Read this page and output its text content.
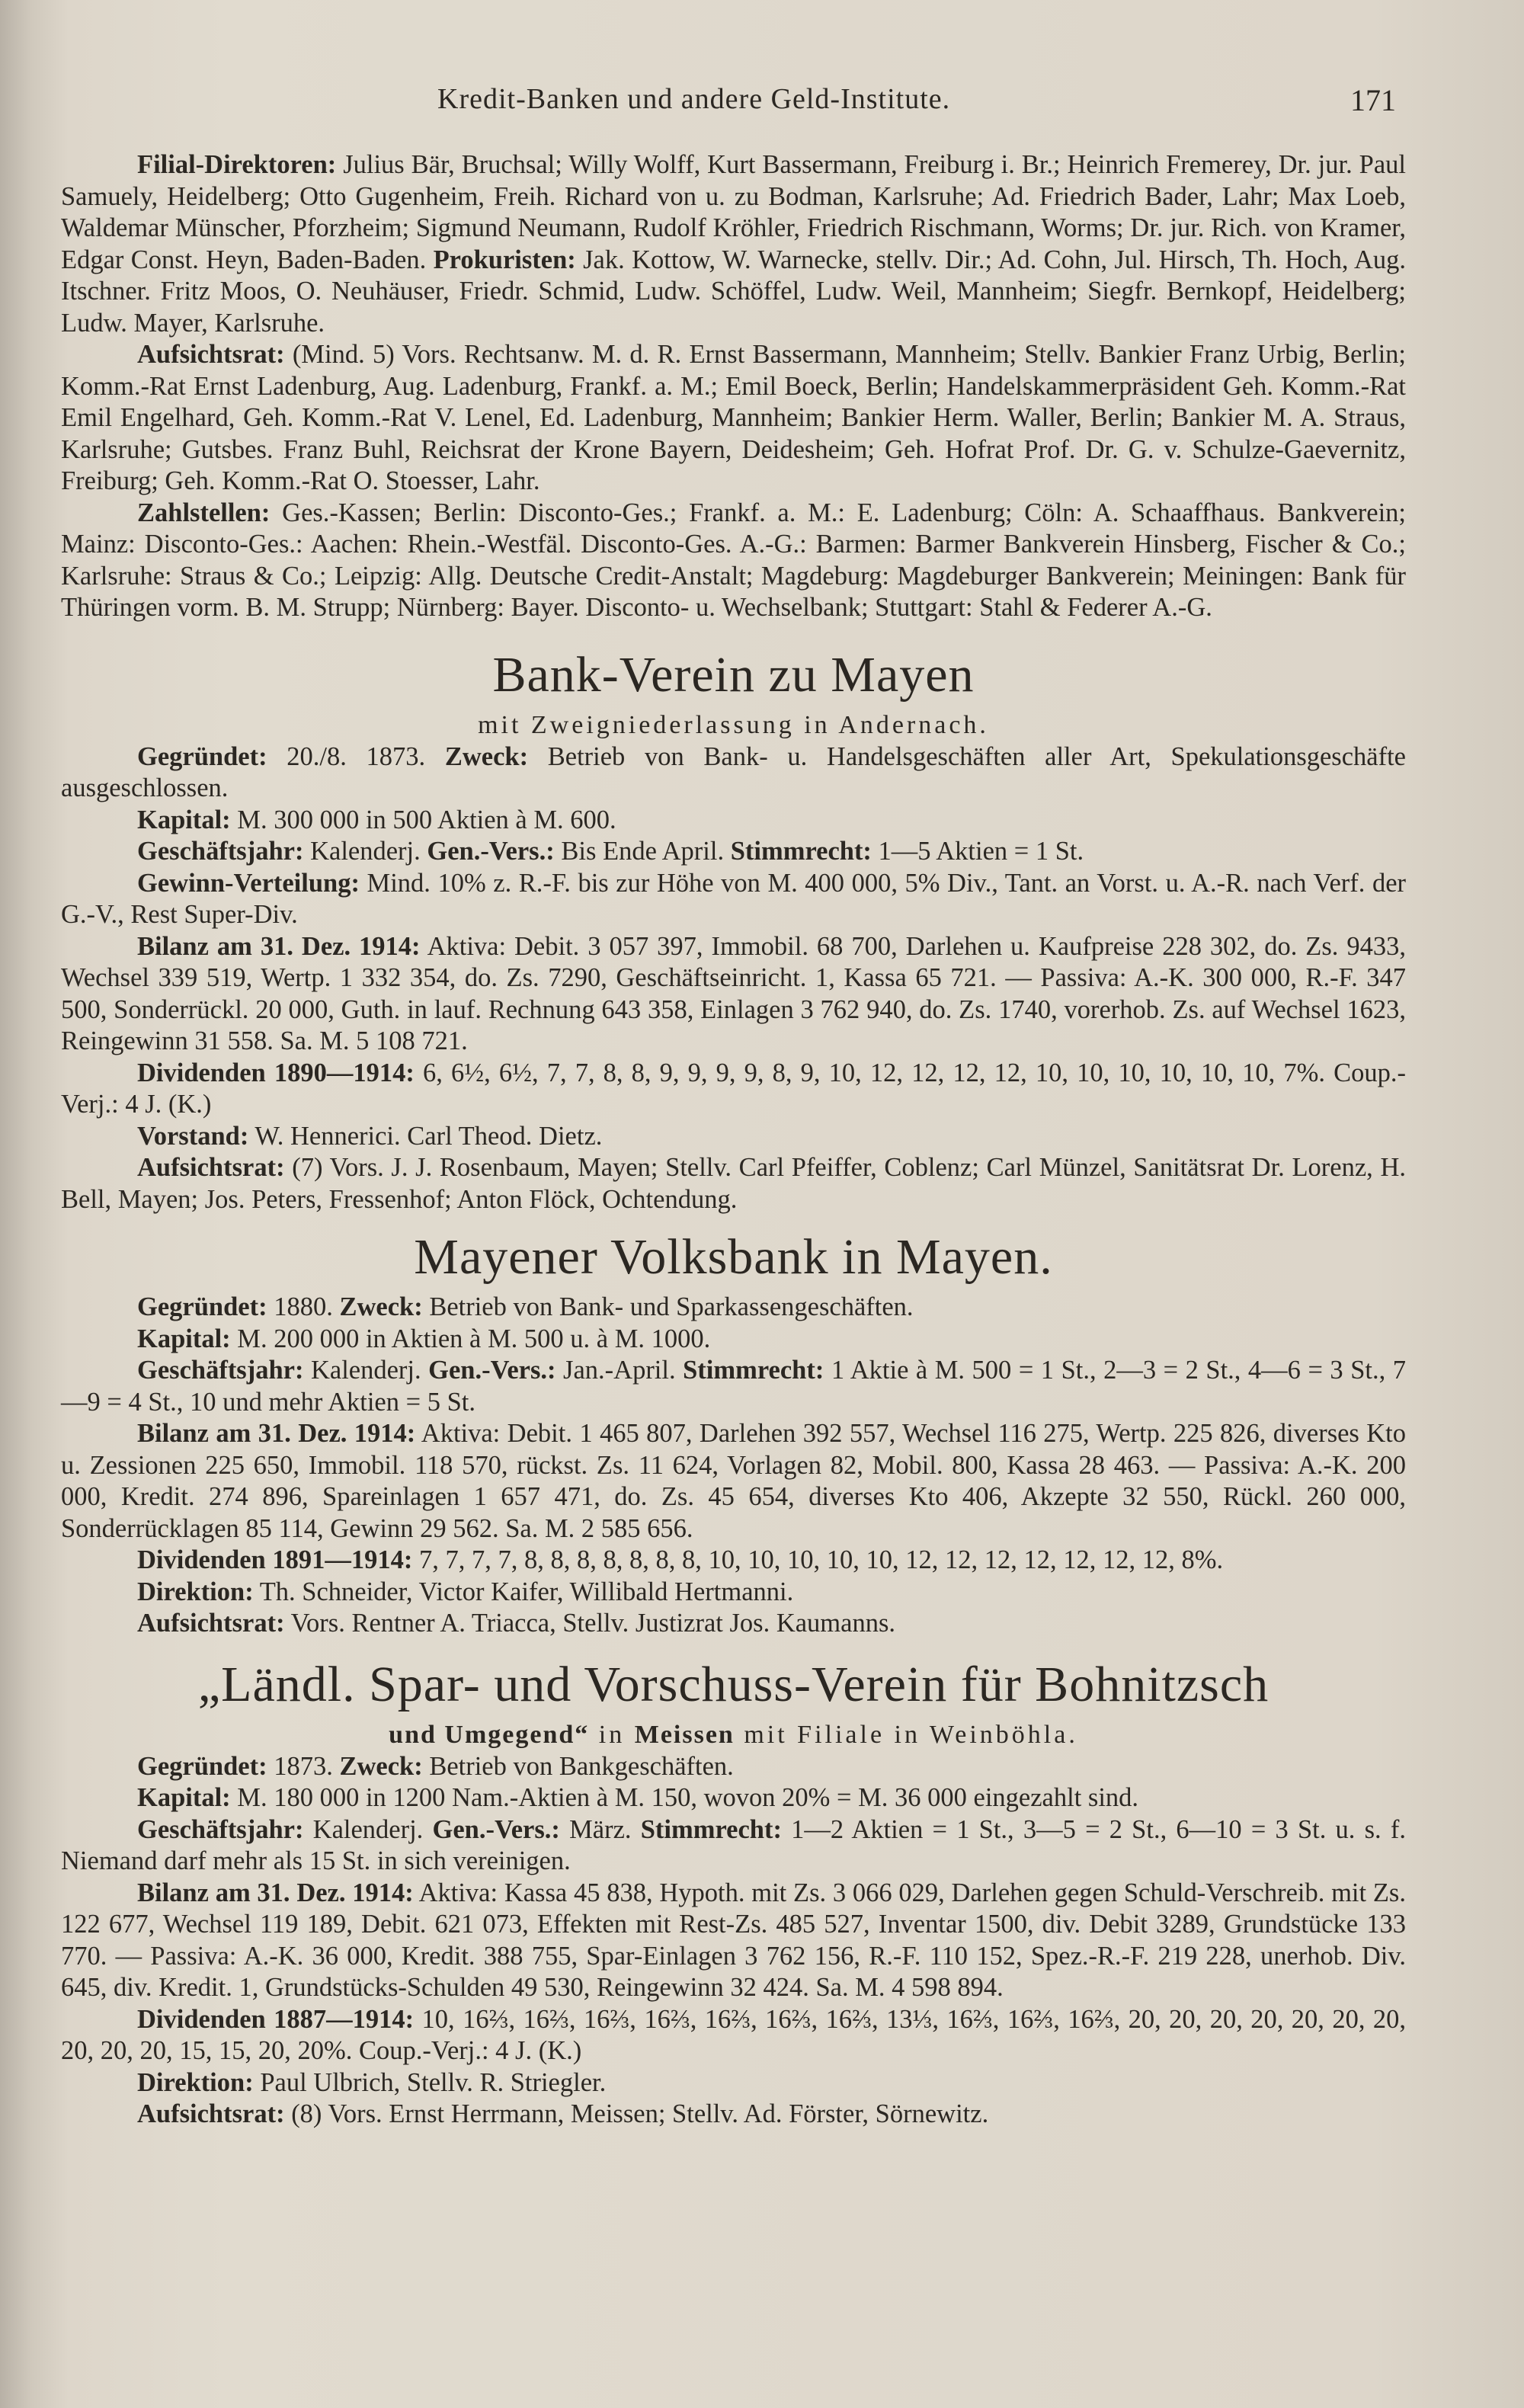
Kredit-Banken und andere Geld-Institute.	171

Filial-Direktoren: Julius Bär, Bruchsal; Willy Wolff, Kurt Bassermann, Freiburg i. Br.; Heinrich Fremerey, Dr. jur. Paul Samuely, Heidelberg; Otto Gugenheim, Freih. Richard von u. zu Bodman, Karlsruhe; Ad. Friedrich Bader, Lahr; Max Loeb, Waldemar Münscher, Pforzheim; Sigmund Neumann, Rudolf Kröhler, Friedrich Rischmann, Worms; Dr. jur. Rich. von Kramer, Edgar Const. Heyn, Baden-Baden. Prokuristen: Jak. Kottow, W. Warnecke, stellv. Dir.; Ad. Cohn, Jul. Hirsch, Th. Hoch, Aug. Itschner. Fritz Moos, O. Neuhäuser, Friedr. Schmid, Ludw. Schöffel, Ludw. Weil, Mannheim; Siegfr. Bernkopf, Heidelberg; Ludw. Mayer, Karlsruhe.

Aufsichtsrat: (Mind. 5) Vors. Rechtsanw. M. d. R. Ernst Bassermann, Mannheim; Stellv. Bankier Franz Urbig, Berlin; Komm.-Rat Ernst Ladenburg, Aug. Ladenburg, Frankf. a. M.; Emil Boeck, Berlin; Handelskammerpräsident Geh. Komm.-Rat Emil Engelhard, Geh. Komm.-Rat V. Lenel, Ed. Ladenburg, Mannheim; Bankier Herm. Waller, Berlin; Bankier M. A. Straus, Karlsruhe; Gutsbes. Franz Buhl, Reichsrat der Krone Bayern, Deidesheim; Geh. Hofrat Prof. Dr. G. v. Schulze-Gaevernitz, Freiburg; Geh. Komm.-Rat O. Stoesser, Lahr.

Zahlstellen: Ges.-Kassen; Berlin: Disconto-Ges.; Frankf. a. M.: E. Ladenburg; Cöln: A. Schaaffhaus. Bankverein; Mainz: Disconto-Ges.: Aachen: Rhein.-Westfäl. Disconto-Ges. A.-G.: Barmen: Barmer Bankverein Hinsberg, Fischer & Co.; Karlsruhe: Straus & Co.; Leipzig: Allg. Deutsche Credit-Anstalt; Magdeburg: Magdeburger Bankverein; Meiningen: Bank für Thüringen vorm. B. M. Strupp; Nürnberg: Bayer. Disconto- u. Wechselbank; Stuttgart: Stahl & Federer A.-G.

Bank-Verein zu Mayen
mit Zweigniederlassung in Andernach.

Gegründet: 20./8. 1873. Zweck: Betrieb von Bank- u. Handelsgeschäften aller Art, Spekulationsgeschäfte ausgeschlossen.

Kapital: M. 300 000 in 500 Aktien à M. 600.

Geschäftsjahr: Kalenderj. Gen.-Vers.: Bis Ende April. Stimmrecht: 1—5 Aktien = 1 St.

Gewinn-Verteilung: Mind. 10% z. R.-F. bis zur Höhe von M. 400 000, 5% Div., Tant. an Vorst. u. A.-R. nach Verf. der G.-V., Rest Super-Div.

Bilanz am 31. Dez. 1914: Aktiva: Debit. 3 057 397, Immobil. 68 700, Darlehen u. Kaufpreise 228 302, do. Zs. 9433, Wechsel 339 519, Wertp. 1 332 354, do. Zs. 7290, Geschäftseinricht. 1, Kassa 65 721. — Passiva: A.-K. 300 000, R.-F. 347 500, Sonderrückl. 20 000, Guth. in lauf. Rechnung 643 358, Einlagen 3 762 940, do. Zs. 1740, vorerhob. Zs. auf Wechsel 1623, Reingewinn 31 558. Sa. M. 5 108 721.

Dividenden 1890—1914: 6, 6½, 6½, 7, 7, 8, 8, 9, 9, 9, 9, 8, 9, 10, 12, 12, 12, 12, 10, 10, 10, 10, 10, 10, 7%. Coup.-Verj.: 4 J. (K.)

Vorstand: W. Hennerici. Carl Theod. Dietz.

Aufsichtsrat: (7) Vors. J. J. Rosenbaum, Mayen; Stellv. Carl Pfeiffer, Coblenz; Carl Münzel, Sanitätsrat Dr. Lorenz, H. Bell, Mayen; Jos. Peters, Fressenhof; Anton Flöck, Ochtendung.

Mayener Volksbank in Mayen.

Gegründet: 1880. Zweck: Betrieb von Bank- und Sparkassengeschäften.

Kapital: M. 200 000 in Aktien à M. 500 u. à M. 1000.

Geschäftsjahr: Kalenderj. Gen.-Vers.: Jan.-April. Stimmrecht: 1 Aktie à M. 500 = 1 St., 2—3 = 2 St., 4—6 = 3 St., 7—9 = 4 St., 10 und mehr Aktien = 5 St.

Bilanz am 31. Dez. 1914: Aktiva: Debit. 1 465 807, Darlehen 392 557, Wechsel 116 275, Wertp. 225 826, diverses Kto u. Zessionen 225 650, Immobil. 118 570, rückst. Zs. 11 624, Vorlagen 82, Mobil. 800, Kassa 28 463. — Passiva: A.-K. 200 000, Kredit. 274 896, Spareinlagen 1 657 471, do. Zs. 45 654, diverses Kto 406, Akzepte 32 550, Rückl. 260 000, Sonderrücklagen 85 114, Gewinn 29 562. Sa. M. 2 585 656.

Dividenden 1891—1914: 7, 7, 7, 7, 8, 8, 8, 8, 8, 8, 8, 10, 10, 10, 10, 10, 12, 12, 12, 12, 12, 12, 12, 8%.

Direktion: Th. Schneider, Victor Kaifer, Willibald Hertmanni.

Aufsichtsrat: Vors. Rentner A. Triacca, Stellv. Justizrat Jos. Kaumanns.

„Ländl. Spar- und Vorschuss-Verein für Bohnitzsch
und Umgegend“ in Meissen mit Filiale in Weinböhla.

Gegründet: 1873. Zweck: Betrieb von Bankgeschäften.

Kapital: M. 180 000 in 1200 Nam.-Aktien à M. 150, wovon 20% = M. 36 000 eingezahlt sind.

Geschäftsjahr: Kalenderj. Gen.-Vers.: März. Stimmrecht: 1—2 Aktien = 1 St., 3—5 = 2 St., 6—10 = 3 St. u. s. f. Niemand darf mehr als 15 St. in sich vereinigen.

Bilanz am 31. Dez. 1914: Aktiva: Kassa 45 838, Hypoth. mit Zs. 3 066 029, Darlehen gegen Schuld-Verschreib. mit Zs. 122 677, Wechsel 119 189, Debit. 621 073, Effekten mit Rest-Zs. 485 527, Inventar 1500, div. Debit 3289, Grundstücke 133 770. — Passiva: A.-K. 36 000, Kredit. 388 755, Spar-Einlagen 3 762 156, R.-F. 110 152, Spez.-R.-F. 219 228, unerhob. Div. 645, div. Kredit. 1, Grundstücks-Schulden 49 530, Reingewinn 32 424. Sa. M. 4 598 894.

Dividenden 1887—1914: 10, 16⅔, 16⅔, 16⅔, 16⅔, 16⅔, 16⅔, 16⅔, 13⅓, 16⅔, 16⅔, 16⅔, 20, 20, 20, 20, 20, 20, 20, 20, 20, 20, 15, 15, 20, 20%. Coup.-Verj.: 4 J. (K.)

Direktion: Paul Ulbrich, Stellv. R. Striegler.

Aufsichtsrat: (8) Vors. Ernst Herrmann, Meissen; Stellv. Ad. Förster, Sörnewitz.
